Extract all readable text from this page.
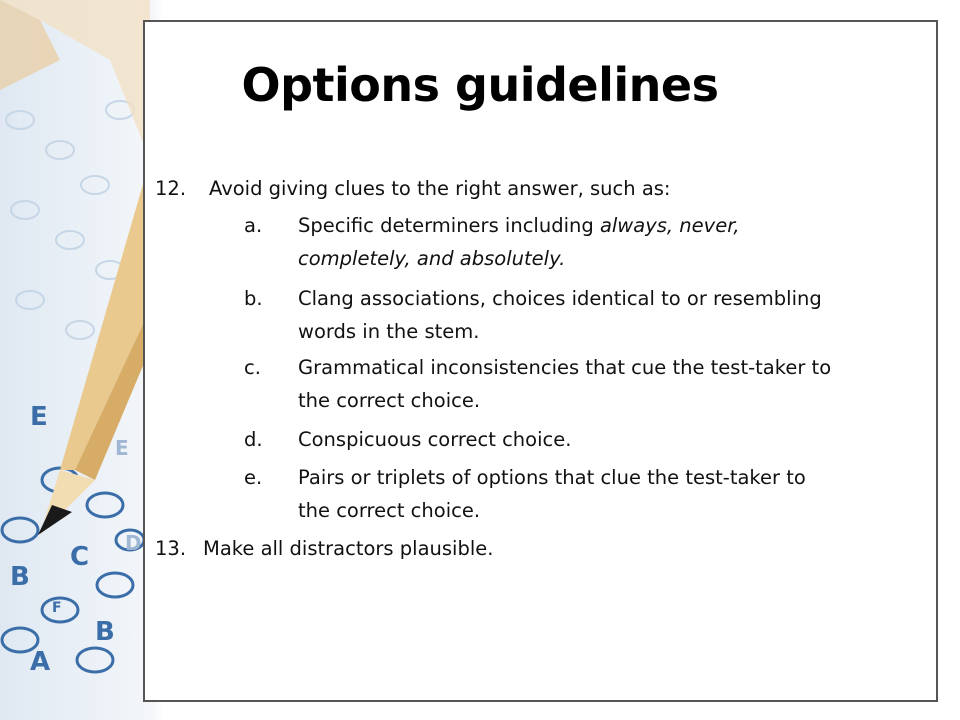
E
E
D
C
B
A
B
F
Options guidelines
12. Avoid giving clues to the right answer, such as:
a. Specific determiners including always, never,
completely, and absolutely.
b. Clang associations, choices identical to or resembling
words in the stem.
c. Grammatical inconsistencies that cue the test-taker to
the correct choice.
d. Conspicuous correct choice.
e. Pairs or triplets of options that clue the test-taker to
the correct choice.
13. Make all distractors plausible.
